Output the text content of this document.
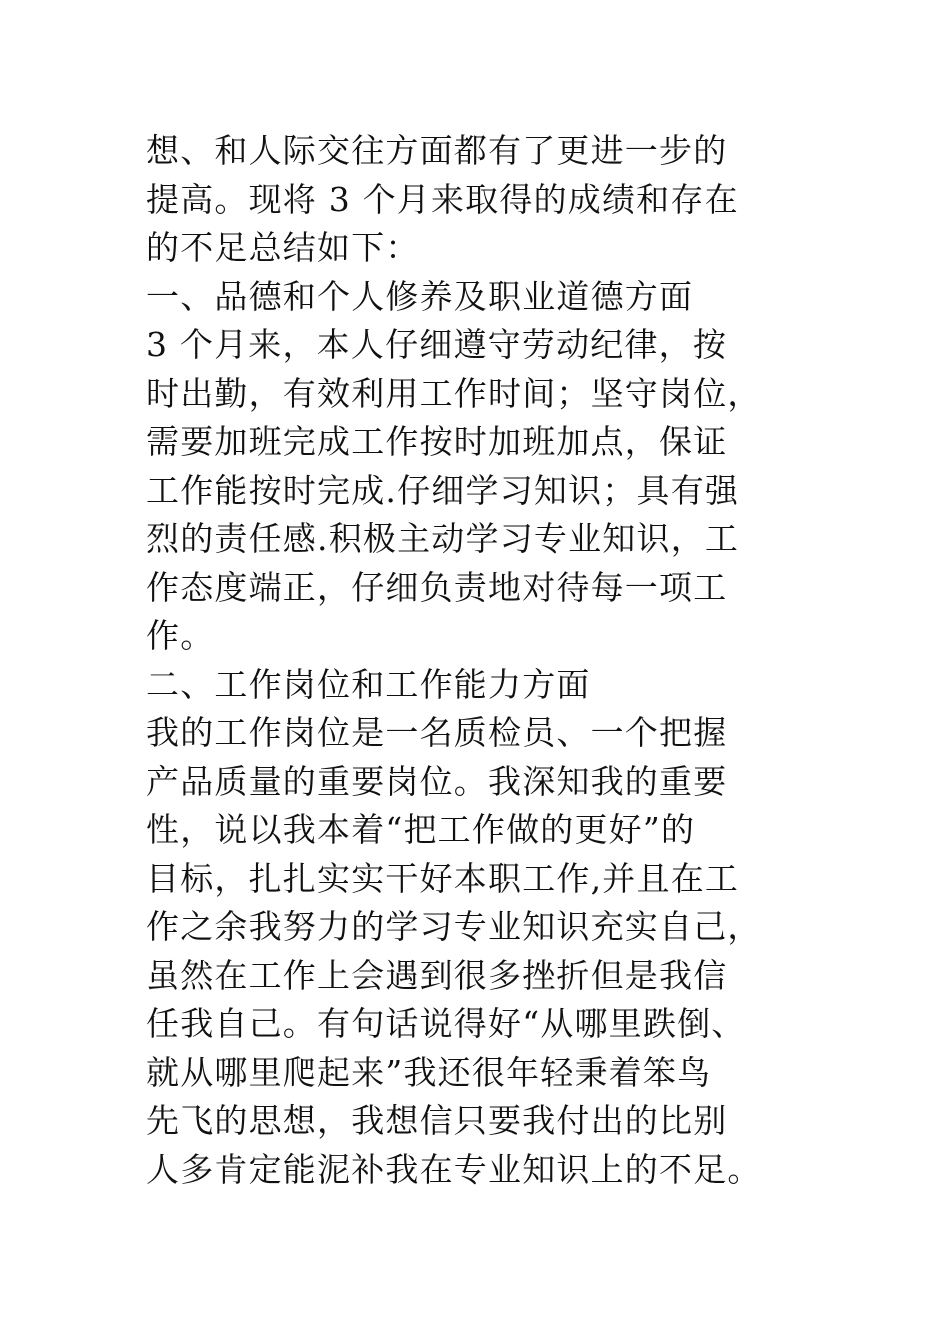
想、和人际交往方面都有了更进一步的
提高。现将 3 个月来取得的成绩和存在
的不足总结如下：
一、品德和个人修养及职业道德方面
3 个月来，本人仔细遵守劳动纪律，按
时出勤，有效利用工作时间；坚守岗位，
需要加班完成工作按时加班加点，保证
工作能按时完成.仔细学习知识；具有强
烈的责任感.积极主动学习专业知识，工
作态度端正，仔细负责地对待每一项工
作。
二、工作岗位和工作能力方面
我的工作岗位是一名质检员、一个把握
产品质量的重要岗位。我深知我的重要
性，说以我本着“把工作做的更好”的
目标，扎扎实实干好本职工作,并且在工
作之余我努力的学习专业知识充实自己，
虽然在工作上会遇到很多挫折但是我信
任我自己。有句话说得好“从哪里跌倒、
就从哪里爬起来”我还很年轻秉着笨鸟
先飞的思想，我想信只要我付出的比别
人多肯定能泥补我在专业知识上的不足。
